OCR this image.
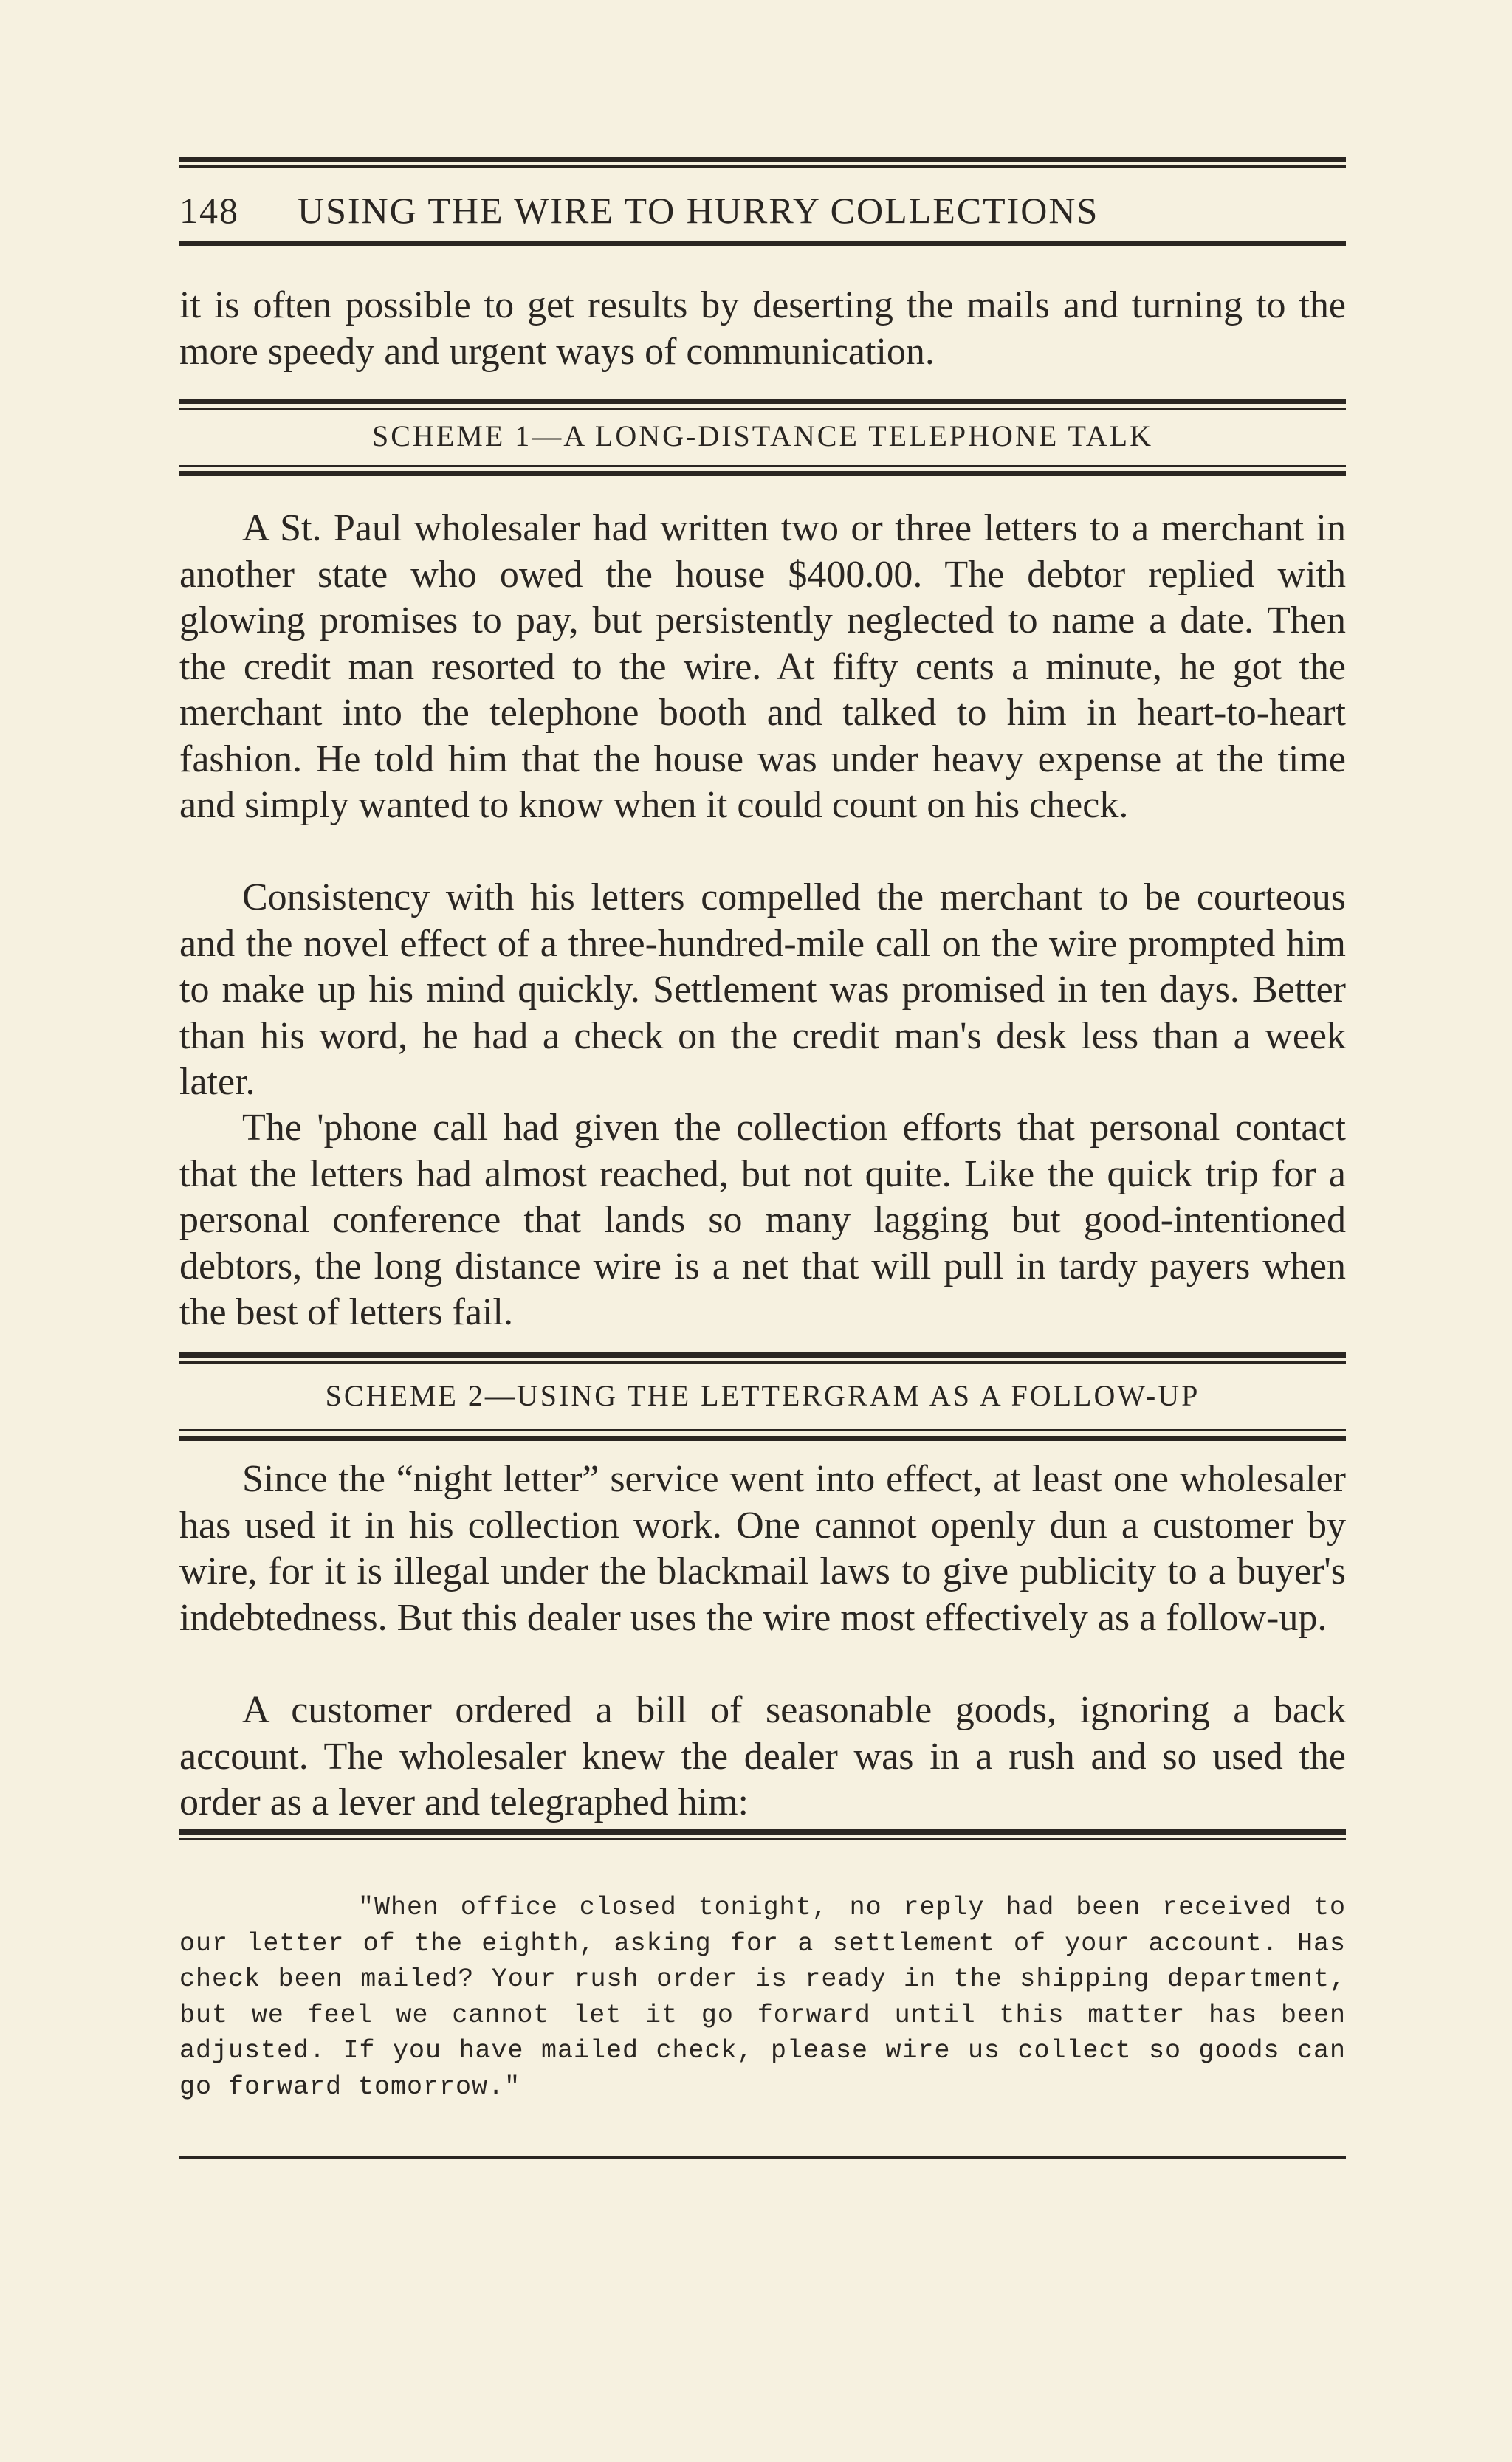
148 USING THE WIRE TO HURRY COLLECTIONS

it is often possible to get results by deserting the mails and turning to the more speedy and urgent ways of communication.

SCHEME 1—A LONG-DISTANCE TELEPHONE TALK

A St. Paul wholesaler had written two or three letters to a merchant in another state who owed the house $400.00. The debtor replied with glowing promises to pay, but persistently neglected to name a date. Then the credit man resorted to the wire. At fifty cents a minute, he got the merchant into the telephone booth and talked to him in heart-to-heart fashion. He told him that the house was under heavy expense at the time and simply wanted to know when it could count on his check.

Consistency with his letters compelled the merchant to be courteous and the novel effect of a three-hundred-mile call on the wire prompted him to make up his mind quickly. Settlement was promised in ten days. Better than his word, he had a check on the credit man's desk less than a week later.

The 'phone call had given the collection efforts that personal contact that the letters had almost reached, but not quite. Like the quick trip for a personal conference that lands so many lagging but good-intentioned debtors, the long distance wire is a net that will pull in tardy payers when the best of letters fail.

SCHEME 2—USING THE LETTERGRAM AS A FOLLOW-UP

Since the “night letter” service went into effect, at least one wholesaler has used it in his collection work. One cannot openly dun a customer by wire, for it is illegal under the blackmail laws to give publicity to a buyer's indebtedness. But this dealer uses the wire most effectively as a follow-up.

A customer ordered a bill of seasonable goods, ignoring a back account. The wholesaler knew the dealer was in a rush and so used the order as a lever and telegraphed him:

"When office closed tonight, no reply had been received to our letter of the eighth, asking for a settlement of your account. Has check been mailed? Your rush order is ready in the shipping department, but we feel we cannot let it go forward until this matter has been adjusted. If you have mailed check, please wire us collect so goods can go forward tomorrow."
